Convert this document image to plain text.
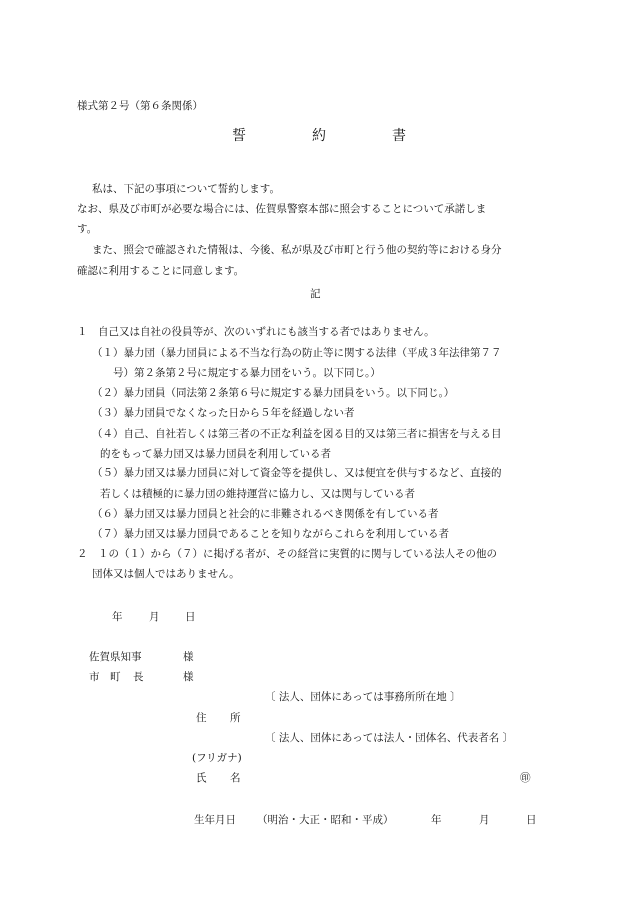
様式第２号（第６条関係）
誓	約	書
私は、下記の事項について誓約します。
なお、県及び市町が必要な場合には、佐賀県警察本部に照会することについて承諾しま
す。
また、照会で確認された情報は、今後、私が県及び市町と行う他の契約等における身分
確認に利用することに同意します。
記
１　自己又は自社の役員等が、次のいずれにも該当する者ではありません。
（１）暴力団（暴力団員による不当な行為の防止等に関する法律（平成３年法律第７７
号）第２条第２号に規定する暴力団をいう。以下同じ。）
（２）暴力団員（同法第２条第６号に規定する暴力団員をいう。以下同じ。）
（３）暴力団員でなくなった日から５年を経過しない者
（４）自己、自社若しくは第三者の不正な利益を図る目的又は第三者に損害を与える目
的をもって暴力団又は暴力団員を利用している者
（５）暴力団又は暴力団員に対して資金等を提供し、又は便宜を供与するなど、直接的
若しくは積極的に暴力団の維持運営に協力し、又は関与している者
（６）暴力団又は暴力団員と社会的に非難されるべき関係を有している者
（７）暴力団又は暴力団員であることを知りながらこれらを利用している者
２　１の（１）から（７）に掲げる者が、その経営に実質的に関与している法人その他の
団体又は個人ではありません。
年	月 日
佐賀県知事	様
市 町 長	様
〔 法人、団体にあっては事務所所在地 〕
住 所
〔 法人、団体にあっては法人・団体名、代表者名 〕
(フリガナ)
氏 名	㊞
生年月日 （明治・大正・昭和・平成）	年	月	日
